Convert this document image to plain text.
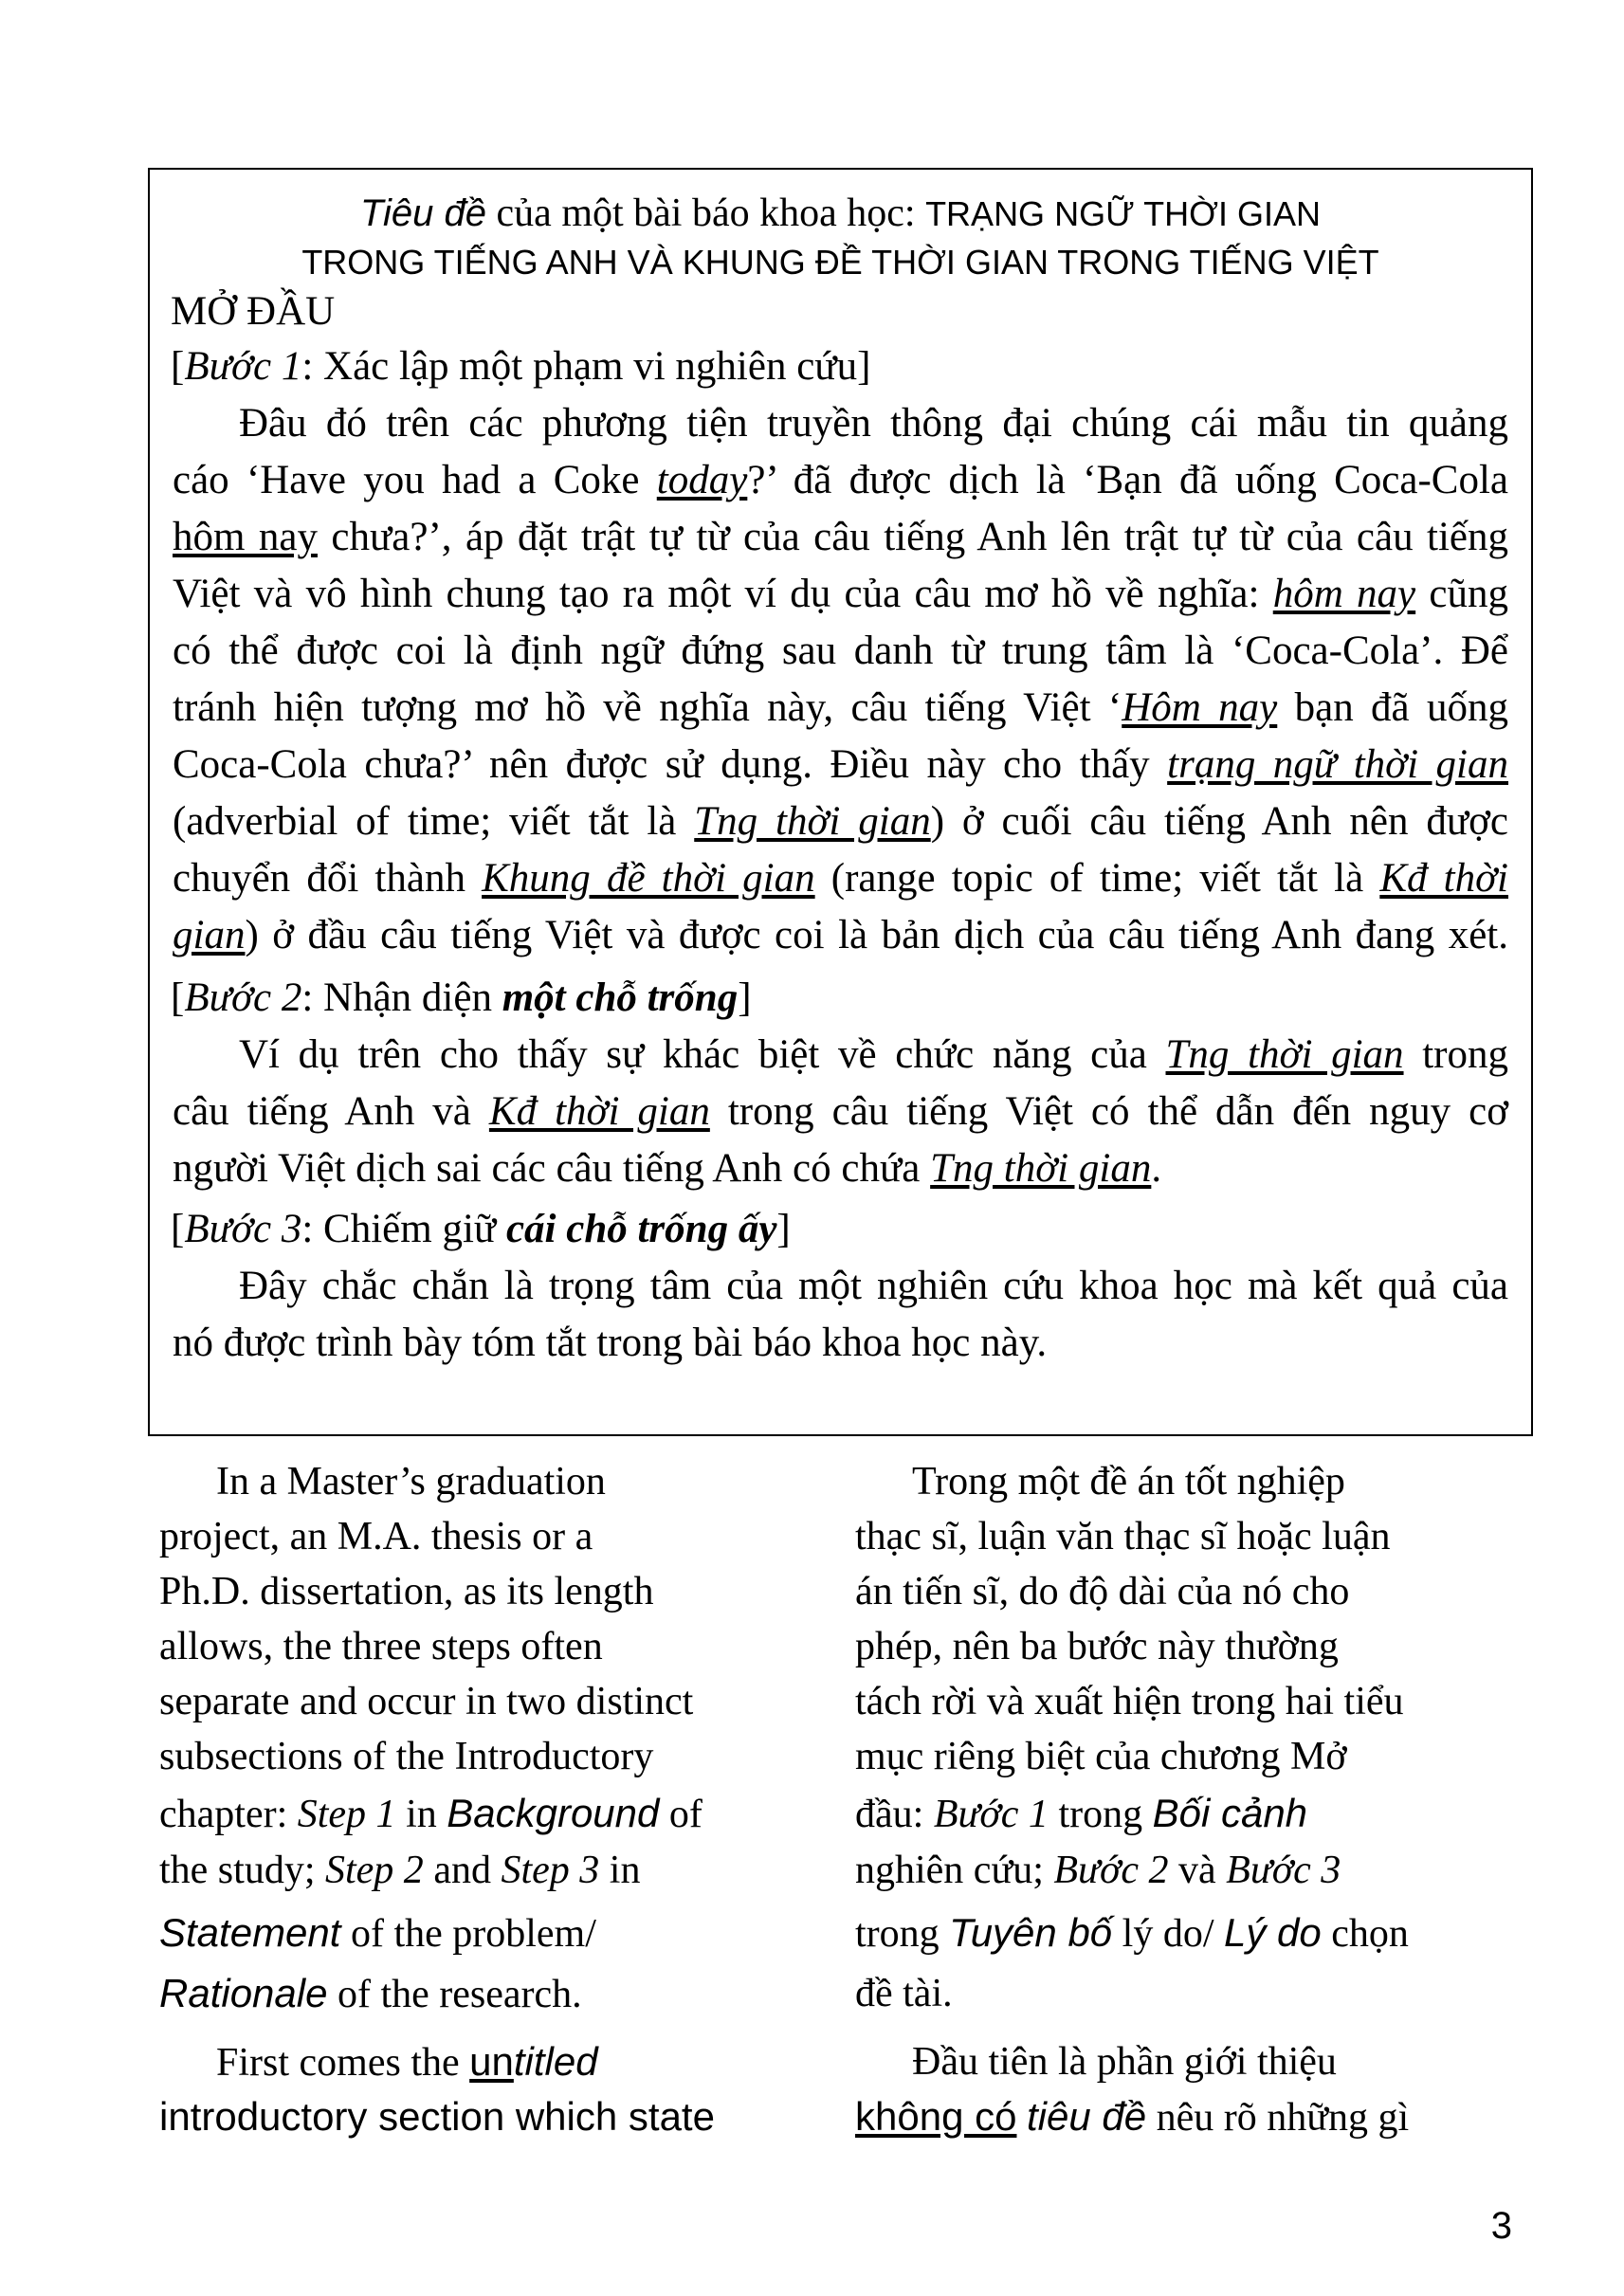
Tiêu đề của một bài báo khoa học: TRẠNG NGỮ THỜI GIAN
TRONG TIẾNG ANH VÀ KHUNG ĐỀ THỜI GIAN TRONG TIẾNG VIỆT
MỞ ĐẦU
[Bước 1: Xác lập một phạm vi nghiên cứu]
Đâu đó trên các phương tiện truyền thông đại chúng cái mẫu tin quảng
cáo ‘Have you had a Coke today?’ đã được dịch là ‘Bạn đã uống Coca-Cola
hôm nay chưa?’, áp đặt trật tự từ của câu tiếng Anh lên trật tự từ của câu tiếng
Việt và vô hình chung tạo ra một ví dụ của câu mơ hồ về nghĩa: hôm nay cũng
có thể được coi là định ngữ đứng sau danh từ trung tâm là ‘Coca-Cola’. Để
tránh hiện tượng mơ hồ về nghĩa này, câu tiếng Việt ‘Hôm nay bạn đã uống
Coca-Cola chưa?’ nên được sử dụng. Điều này cho thấy trạng ngữ thời gian
(adverbial of time; viết tắt là Tng thời gian) ở cuối câu tiếng Anh nên được
chuyển đổi thành Khung đề thời gian (range topic of time; viết tắt là Kđ thời
gian) ở đầu câu tiếng Việt và được coi là bản dịch của câu tiếng Anh đang xét.
[Bước 2: Nhận diện một chỗ trống]
Ví dụ trên cho thấy sự khác biệt về chức năng của Tng thời gian trong
câu tiếng Anh và Kđ thời gian trong câu tiếng Việt có thể dẫn đến nguy cơ
người Việt dịch sai các câu tiếng Anh có chứa Tng thời gian.
[Bước 3: Chiếm giữ cái chỗ trống ấy]
Đây chắc chắn là trọng tâm của một nghiên cứu khoa học mà kết quả của
nó được trình bày tóm tắt trong bài báo khoa học này.
In a Master’s graduation
project, an M.A. thesis or a
Ph.D. dissertation, as its length
allows, the three steps often
separate and occur in two distinct
subsections of the Introductory
chapter: Step 1 in Background of
the study; Step 2 and Step 3 in
Statement of the problem/
Rationale of the research.
First comes the untitled
introductory section which state
Trong một đề án tốt nghiệp
thạc sĩ, luận văn thạc sĩ hoặc luận
án tiến sĩ, do độ dài của nó cho
phép, nên ba bước này thường
tách rời và xuất hiện trong hai tiểu
mục riêng biệt của chương Mở
đầu: Bước 1 trong Bối cảnh
nghiên cứu; Bước 2 và Bước 3
trong Tuyên bố lý do/ Lý do chọn
đề tài.
Đầu tiên là phần giới thiệu
không có tiêu đề nêu rõ những gì
3
